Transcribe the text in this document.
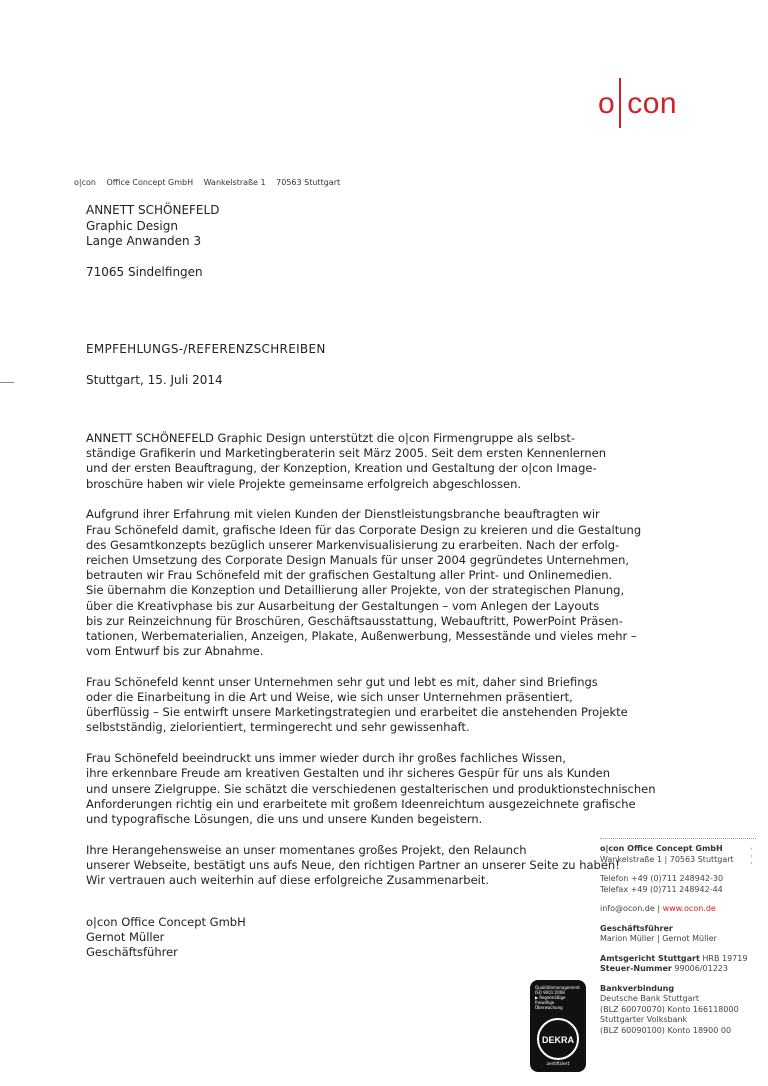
o con
o|con Office Concept GmbH Wankelstraße 1 70563 Stuttgart
ANNETT SCHÖNEFELD
Graphic Design
Lange Anwanden 3
71065 Sindelfingen
EMPFEHLUNGS-/REFERENZSCHREIBEN
Stuttgart, 15. Juli 2014
ANNETT SCHÖNEFELD Graphic Design unterstützt die o|con Firmengruppe als selbst-
ständige Grafikerin und Marketingberaterin seit März 2005. Seit dem ersten Kennenlernen
und der ersten Beauftragung, der Konzeption, Kreation und Gestaltung der o|con Image-
broschüre haben wir viele Projekte gemeinsame erfolgreich abgeschlossen.
Aufgrund ihrer Erfahrung mit vielen Kunden der Dienstleistungsbranche beauftragten wir
Frau Schönefeld damit, grafische Ideen für das Corporate Design zu kreieren und die Gestaltung
des Gesamtkonzepts bezüglich unserer Markenvisualisierung zu erarbeiten. Nach der erfolg-
reichen Umsetzung des Corporate Design Manuals für unser 2004 gegründetes Unternehmen,
betrauten wir Frau Schönefeld mit der grafischen Gestaltung aller Print- und Onlinemedien.
Sie übernahm die Konzeption und Detaillierung aller Projekte, von der strategischen Planung,
über die Kreativphase bis zur Ausarbeitung der Gestaltungen – vom Anlegen der Layouts
bis zur Reinzeichnung für Broschüren, Geschäftsausstattung, Webauftritt, PowerPoint Präsen-
tationen, Werbematerialien, Anzeigen, Plakate, Außenwerbung, Messestände und vieles mehr –
vom Entwurf bis zur Abnahme.
Frau Schönefeld kennt unser Unternehmen sehr gut und lebt es mit, daher sind Briefings
oder die Einarbeitung in die Art und Weise, wie sich unser Unternehmen präsentiert,
überflüssig – Sie entwirft unsere Marketingstrategien und erarbeitet die anstehenden Projekte
selbstständig, zielorientiert, termingerecht und sehr gewissenhaft.
Frau Schönefeld beeindruckt uns immer wieder durch ihr großes fachliches Wissen,
ihre erkennbare Freude am kreativen Gestalten und ihr sicheres Gespür für uns als Kunden
und unsere Zielgruppe. Sie schätzt die verschiedenen gestalterischen und produktionstechnischen
Anforderungen richtig ein und erarbeitete mit großem Ideenreichtum ausgezeichnete grafische
und typografische Lösungen, die uns und unsere Kunden begeistern.
Ihre Herangehensweise an unser momentanes großes Projekt, den Relaunch
unserer Webseite, bestätigt uns aufs Neue, den richtigen Partner an unserer Seite zu haben!
Wir vertrauen auch weiterhin auf diese erfolgreiche Zusammenarbeit.
o|con Office Concept GmbH
Gernot Müller
Geschäftsführer
‹
‹
‹
o|con Office Concept GmbH
Wankelstraße 1 | 70563 Stuttgart
Telefon +49 (0)711 248942-30
Telefax +49 (0)711 248942-44
info@ocon.de | www.ocon.de
Geschäftsführer
Marion Müller | Gernot Müller
Amtsgericht Stuttgart HRB 19719
Steuer-Nummer 99006/01223
Bankverbindung
Deutsche Bank Stuttgart
(BLZ 60070070) Konto 166118000
Stuttgarter Volksbank
(BLZ 60090100) Konto 18900 00
Qualitätsmanagement
ISO 9001:2008
▶ Regelmäßige freiwillige
Überwachung
DEKRA
zertifiziert
